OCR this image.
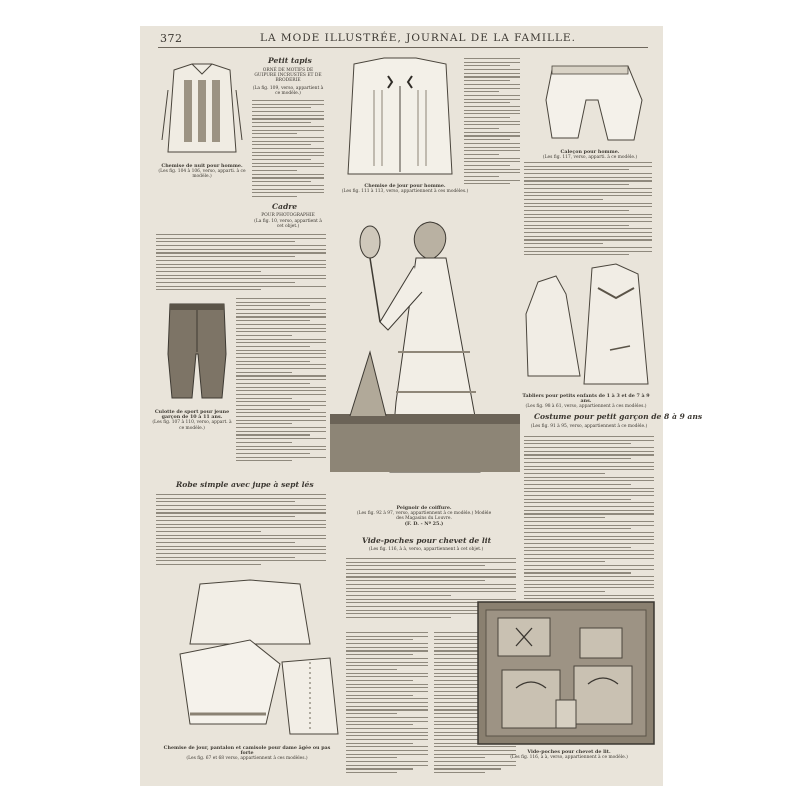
372	LA MODE ILLUSTRÉE, JOURNAL DE LA FAMILLE.
Chemise de nuit pour homme.
(Les fig. 104 à 106, verso, apparti. à ce modèle.)
Petit tapis
ORNÉ DE MOTIFS DE GUIPURE INCRUSTÉS ET DE BRODERIE
(La fig. 109, verso, appartient à ce modèle.)
Cadre
POUR PHOTOGRAPHIE
(La fig. 10, verso, appartient à cet objet.)
Culotte de sport pour jeune garçon de 10 à 11 ans.
(Les fig. 107 à 110, verso, appart. à ce modèle.)
Robe simple avec jupe à sept lés
Chemise de jour, pantalon et camisole pour dame âgée ou pas forte
(Les fig. 67 et 68 verso, appartiennent à ces modèles.)
Chemise de jour pour homme.
(Les fig. 111 à 113, verso, appartiennent à ces modèles.)
Caleçon pour homme.
(Les fig. 117, verso, apparti. à ce modèle.)
Peignoir de coiffure.
(Les fig. 92 à 97, verso, appartiennent à ce modèle.) Modèle des Magasins du Louvre.
(F. D. - Nº 25.)
Tabliers pour petits enfants de 1 à 3 et de 7 à 9 ans.
(Les fig. 98 à 61, verso, appartiennent à ces modèles.)
Costume pour petit garçon de 8 à 9 ans
(Les fig. 91 à 95, verso, appartiennent à ce modèle.)
Vide-poches pour chevet de lit
(Les fig. 116, à à, verso, appartiennent à cet objet.)
Vide-poches pour chevet de lit.
(Les fig. 116, à à, verso, appartiennent à ce modèle.)
